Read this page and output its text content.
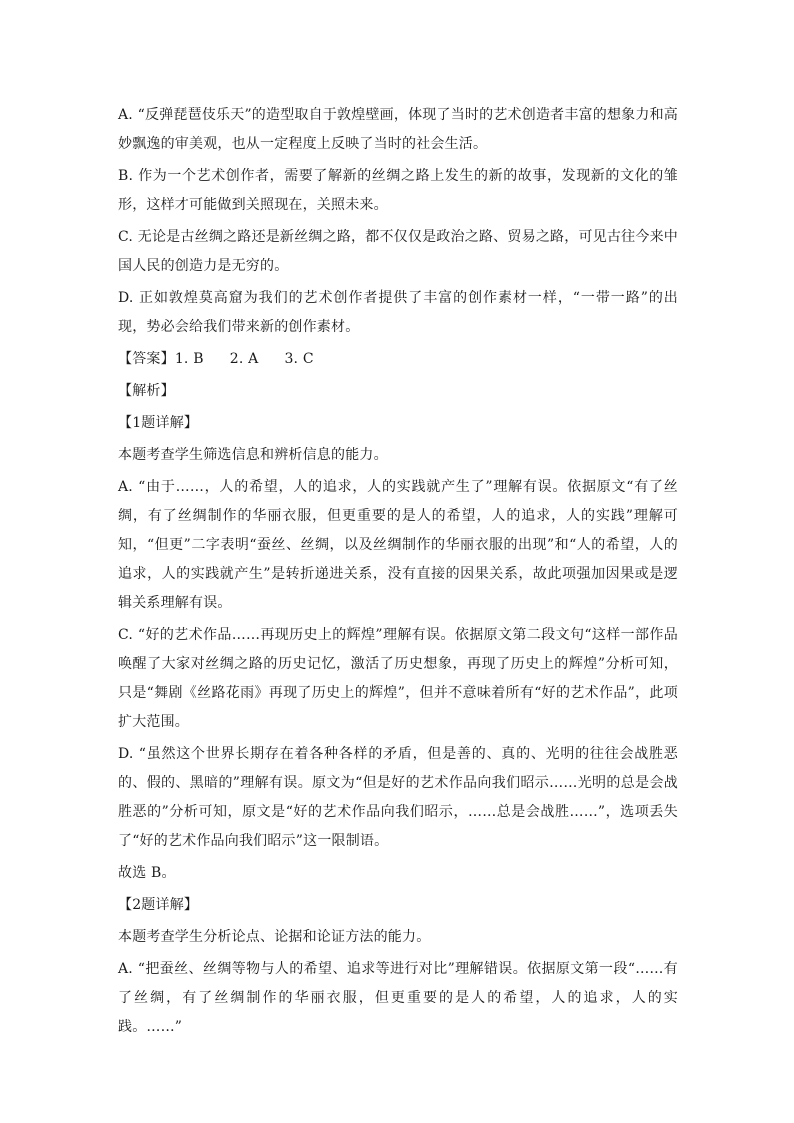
A. “反弹琵琶伎乐天”的造型取自于敦煌壁画，体现了当时的艺术创造者丰富的想象力和高妙飘逸的审美观，也从一定程度上反映了当时的社会生活。

B. 作为一个艺术创作者，需要了解新的丝绸之路上发生的新的故事，发现新的文化的雏形，这样才可能做到关照现在，关照未来。

C. 无论是古丝绸之路还是新丝绸之路，都不仅仅是政治之路、贸易之路，可见古往今来中国人民的创造力是无穷的。

D. 正如敦煌莫高窟为我们的艺术创作者提供了丰富的创作素材一样，“一带一路”的出现，势必会给我们带来新的创作素材。

【答案】1. B 2. A 3. C

【解析】

【1题详解】

本题考查学生筛选信息和辨析信息的能力。

A. “由于……，人的希望，人的追求，人的实践就产生了”理解有误。依据原文“有了丝绸，有了丝绸制作的华丽衣服，但更重要的是人的希望，人的追求，人的实践”理解可知，“但更”二字表明“蚕丝、丝绸，以及丝绸制作的华丽衣服的出现”和“人的希望，人的追求，人的实践就产生”是转折递进关系，没有直接的因果关系，故此项强加因果或是逻辑关系理解有误。

C. “好的艺术作品……再现历史上的辉煌”理解有误。依据原文第二段文句“这样一部作品唤醒了大家对丝绸之路的历史记忆，激活了历史想象，再现了历史上的辉煌”分析可知，只是“舞剧《丝路花雨》再现了历史上的辉煌”，但并不意味着所有“好的艺术作品”，此项扩大范围。

D. “虽然这个世界长期存在着各种各样的矛盾，但是善的、真的、光明的往往会战胜恶的、假的、黑暗的”理解有误。原文为“但是好的艺术作品向我们昭示……光明的总是会战胜恶的”分析可知，原文是“好的艺术作品向我们昭示，……总是会战胜……”，选项丢失了“好的艺术作品向我们昭示”这一限制语。

故选 B。

【2题详解】

本题考查学生分析论点、论据和论证方法的能力。

A. “把蚕丝、丝绸等物与人的希望、追求等进行对比”理解错误。依据原文第一段“……有了丝绸，有了丝绸制作的华丽衣服，但更重要的是人的希望，人的追求，人的实践。……”
